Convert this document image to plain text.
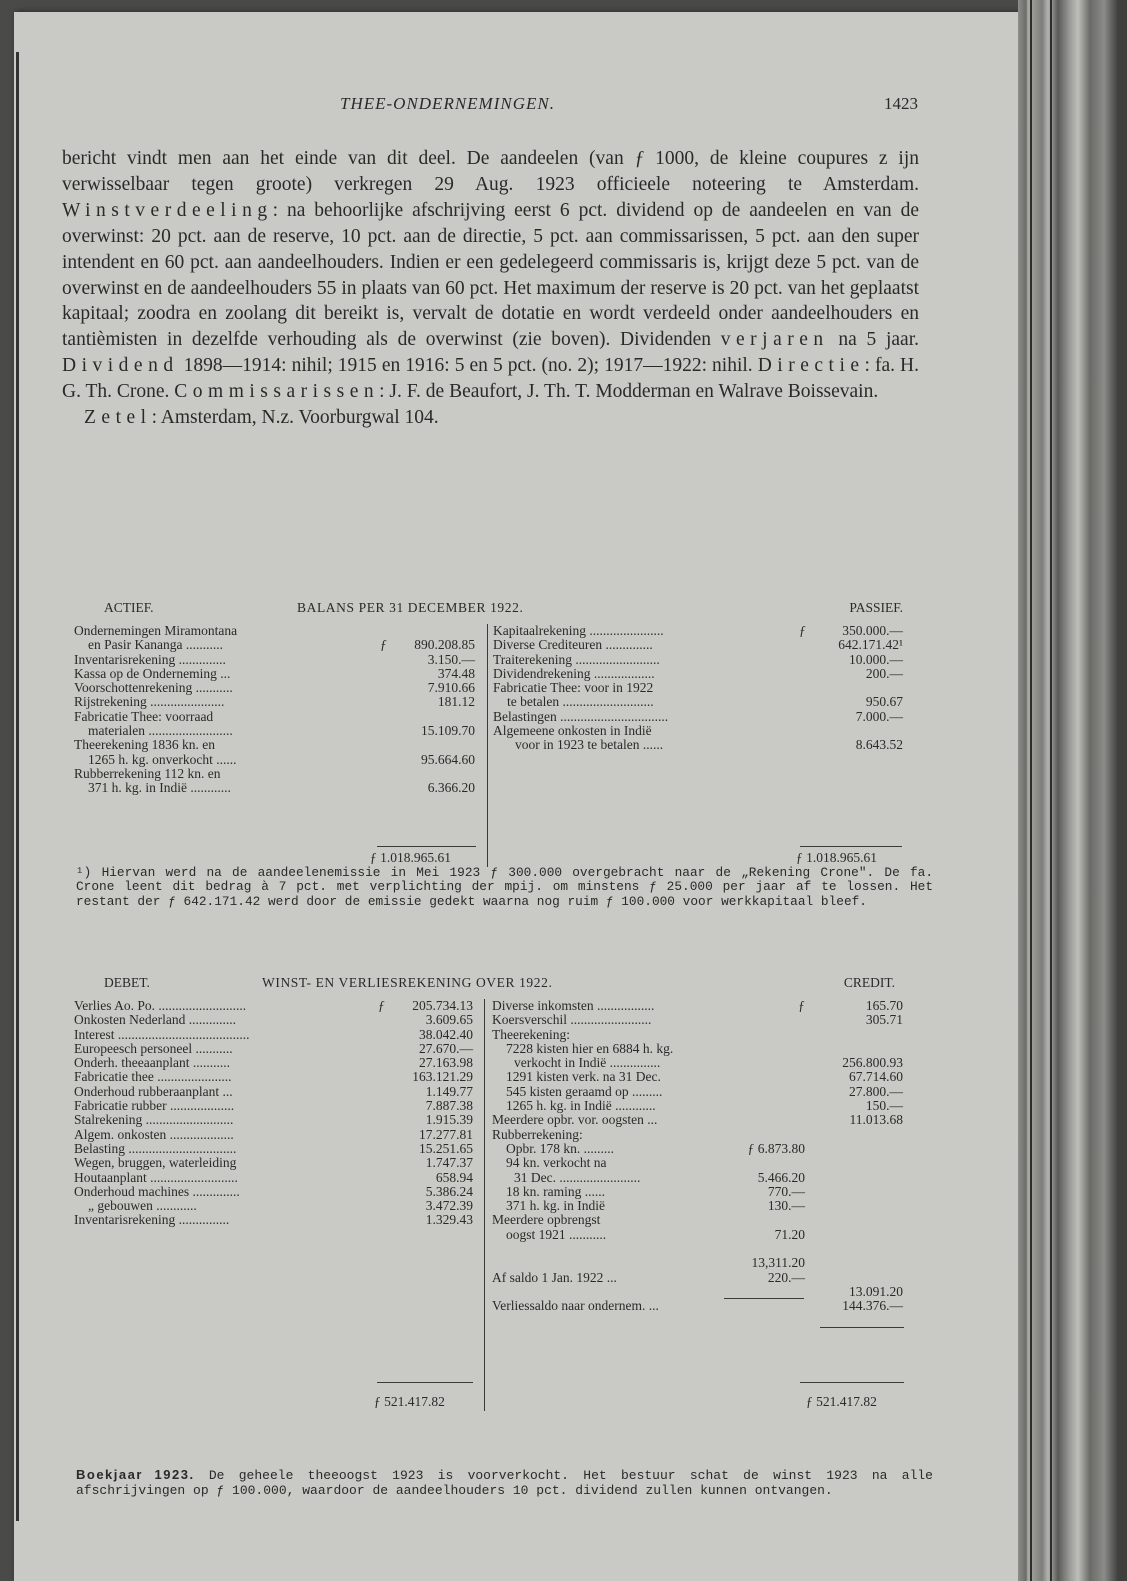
THEE-ONDERNEMINGEN.	1423

bericht vindt men aan het einde van dit deel. De aandeelen (van ƒ 1000, de kleine coupures z ijn verwisselbaar tegen groote) verkregen 29 Aug. 1923 officieele noteering te Amsterdam. Winstverdeeling: na behoorlijke afschrijving eerst 6 pct. dividend op de aandeelen en van de overwinst: 20 pct. aan de reserve, 10 pct. aan de directie, 5 pct. aan commissarissen, 5 pct. aan den super intendent en 60 pct. aan aandeelhouders. Indien er een gedelegeerd commissaris is, krijgt deze 5 pct. van de overwinst en de aandeelhouders 55 in plaats van 60 pct. Het maximum der reserve is 20 pct. van het geplaatst kapitaal; zoodra en zoolang dit bereikt is, vervalt de dotatie en wordt verdeeld onder aandeelhouders en tantièmisten in dezelfde verhouding als de overwinst (zie boven). Dividenden verjaren na 5 jaar. Dividend 1898—1914: nihil; 1915 en 1916: 5 en 5 pct. (no. 2); 1917—1922: nihil. Directie: fa. H. G. Th. Crone. Commissarissen: J. F. de Beaufort, J. Th. T. Modderman en Walrave Boissevain.

Zetel: Amsterdam, N.z. Voorburgwal 104.

ACTIEF.	BALANS PER 31 DECEMBER 1922.	PASSIEF.
Ondernemingen Miramontana
en Pasir Kananga ...........	ƒ 890.208.85
Inventarisrekening ..............	3.150.—
Kassa op de Onderneming ...	374.48
Voorschottenrekening ...........	7.910.66
Rijstrekening ......................	181.12
Fabricatie Thee: voorraad
materialen .........................	15.109.70
Theerekening 1836 kn. en
1265 h. kg. onverkocht ......	95.664.60
Rubberrekening 112 kn. en
371 h. kg. in Indië ............	6.366.20
Kapitaalrekening ......................	ƒ	350.000.—
Diverse Crediteuren ..............	642.171.42¹
Traiterekening .........................	10.000.—
Dividendrekening ..................	200.—
Fabricatie Thee: voor in 1922
te betalen ...........................	950.67
Belastingen ................................	7.000.—
Algemeene onkosten in Indië
voor in 1923 te betalen ......	8.643.52
ƒ 1.018.965.61	ƒ 1.018.965.61

¹) Hiervan werd na de aandeelenemissie in Mei 1923 ƒ 300.000 overgebracht naar de „Rekening Crone". De fa. Crone leent dit bedrag à 7 pct. met verplichting der mpij. om minstens ƒ 25.000 per jaar af te lossen. Het restant der ƒ 642.171.42 werd door de emissie gedekt waarna nog ruim ƒ 100.000 voor werkkapitaal bleef.

DEBET.	WINST- EN VERLIESREKENING OVER 1922.	CREDIT.
Verlies Ao. Po. ..........................	ƒ 205.734.13
Onkosten Nederland ..............	3.609.65
Interest .......................................	38.042.40
Europeesch personeel ...........	27.670.—
Onderh. theeaanplant ...........	27.163.98
Fabricatie thee ......................	163.121.29
Onderhoud rubberaanplant ...	1.149.77
Fabricatie rubber ...................	7.887.38
Stalrekening ..........................	1.915.39
Algem. onkosten ...................	17.277.81
Belasting ................................	15.251.65
Wegen, bruggen, waterleiding	1.747.37
Houtaanplant ..........................	658.94
Onderhoud machines ..............	5.386.24
„ gebouwen ............	3.472.39
Inventarisrekening ...............	1.329.43
Diverse inkomsten .................	ƒ	165.70
Koersverschil ........................	305.71
Theerekening:
7228 kisten hier en 6884 h. kg.
verkocht in Indië ...............	256.800.93
1291 kisten verk. na 31 Dec.	67.714.60
545 kisten geraamd op .........	27.800.—
1265 h. kg. in Indië ............	150.—
Meerdere opbr. vor. oogsten ...	11.013.68
Rubberrekening:
Opbr. 178 kn. .........	ƒ 6.873.80
94 kn. verkocht na
31 Dec. ........................	5.466.20
18 kn. raming ......	770.—
371 h. kg. in Indië	130.—
Meerdere opbrengst
oogst 1921 ...........	71.20
13,311.20
Af saldo 1 Jan. 1922 ...	220.—
13.091.20
Verliessaldo naar ondernem. ...	144.376.—
ƒ 521.417.82	ƒ 521.417.82

Boekjaar 1923. De geheele theeoogst 1923 is voorverkocht. Het bestuur schat de winst 1923 na alle afschrijvingen op ƒ 100.000, waardoor de aandeelhouders 10 pct. dividend zullen kunnen ontvangen.
